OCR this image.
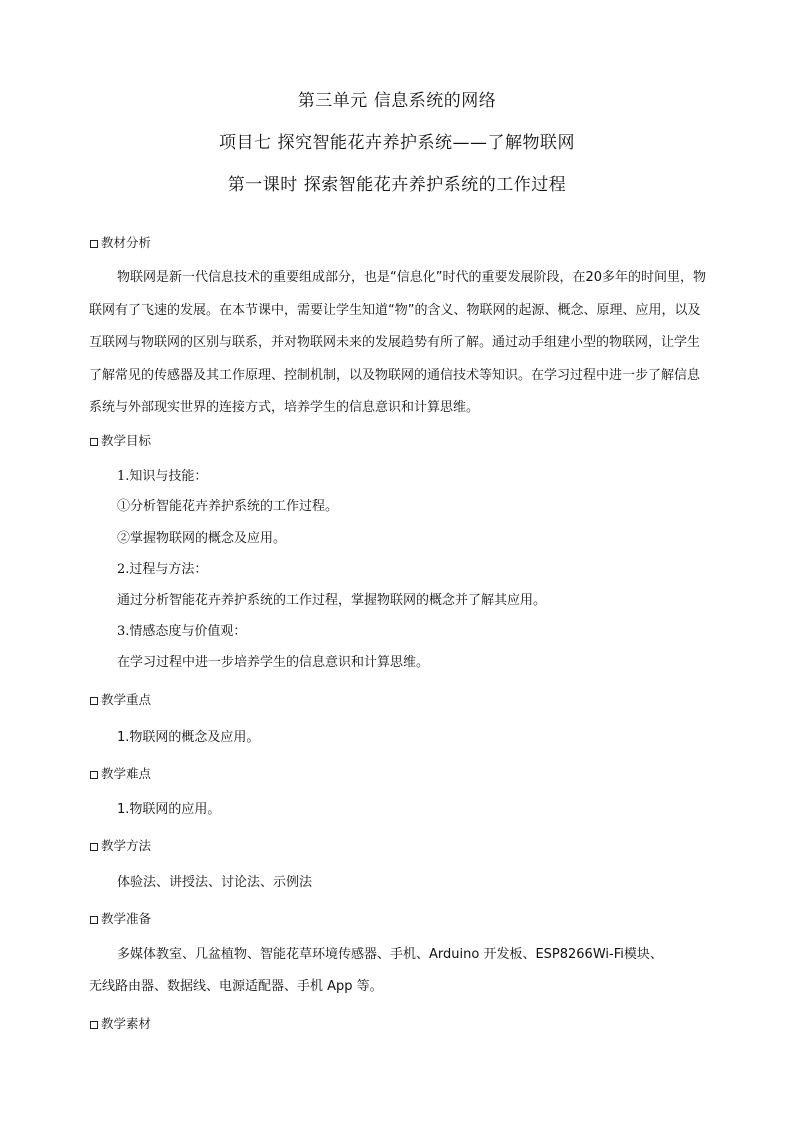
第三单元 信息系统的网络
项目七 探究智能花卉养护系统——了解物联网
第一课时 探索智能花卉养护系统的工作过程
教材分析
物联网是新一代信息技术的重要组成部分，也是“信息化”时代的重要发展阶段，在20多年的时间里，物联网有了飞速的发展。在本节课中，需要让学生知道“物”的含义、物联网的起源、概念、原理、应用，以及互联网与物联网的区别与联系，并对物联网未来的发展趋势有所了解。通过动手组建小型的物联网，让学生了解常见的传感器及其工作原理、控制机制，以及物联网的通信技术等知识。在学习过程中进一步了解信息系统与外部现实世界的连接方式，培养学生的信息意识和计算思维。
教学目标
1.知识与技能：
①分析智能花卉养护系统的工作过程。
②掌握物联网的概念及应用。
2.过程与方法：
通过分析智能花卉养护系统的工作过程，掌握物联网的概念并了解其应用。
3.情感态度与价值观：
在学习过程中进一步培养学生的信息意识和计算思维。
教学重点
1.物联网的概念及应用。
教学难点
1.物联网的应用。
教学方法
体验法、讲授法、讨论法、示例法
教学准备
多媒体教室、几盆植物、智能花草环境传感器、手机、Arduino 开发板、ESP8266Wi-Fi模块、
无线路由器、数据线、电源适配器、手机 App 等。
教学素材
